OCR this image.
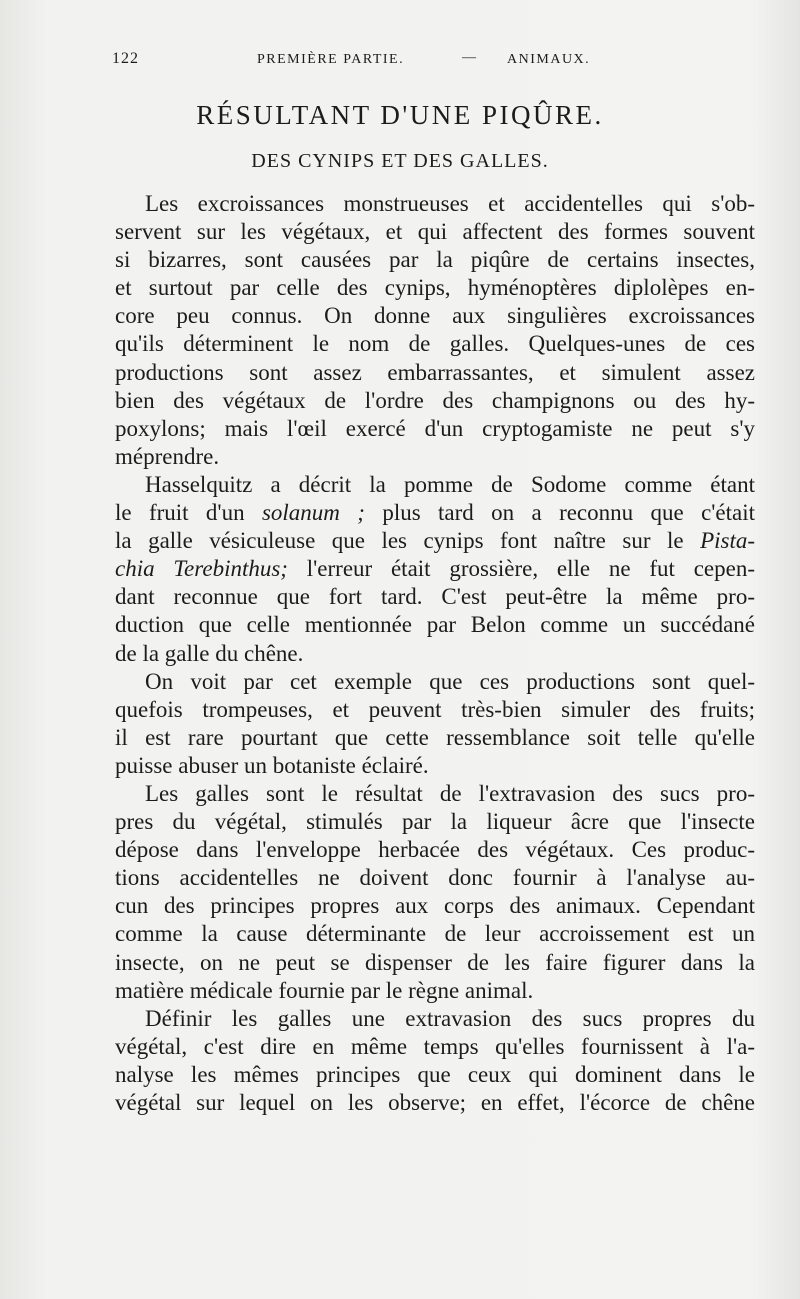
122	PREMIÈRE PARTIE.	— ANIMAUX.
RÉSULTANT D'UNE PIQÛRE.
DES CYNIPS ET DES GALLES.
Les excroissances monstrueuses et accidentelles qui s'ob-
servent sur les végétaux, et qui affectent des formes souvent
si bizarres, sont causées par la piqûre de certains insectes,
et surtout par celle des cynips, hyménoptères diplolèpes en-
core peu connus. On donne aux singulières excroissances
qu'ils déterminent le nom de galles. Quelques-unes de ces
productions sont assez embarrassantes, et simulent assez
bien des végétaux de l'ordre des champignons ou des hy-
poxylons; mais l'œil exercé d'un cryptogamiste ne peut s'y
méprendre.
Hasselquitz a décrit la pomme de Sodome comme étant
le fruit d'un solanum ; plus tard on a reconnu que c'était
la galle vésiculeuse que les cynips font naître sur le Pista-
chia Terebinthus; l'erreur était grossière, elle ne fut cepen-
dant reconnue que fort tard. C'est peut-être la même pro-
duction que celle mentionnée par Belon comme un succédané
de la galle du chêne.
On voit par cet exemple que ces productions sont quel-
quefois trompeuses, et peuvent très-bien simuler des fruits;
il est rare pourtant que cette ressemblance soit telle qu'elle
puisse abuser un botaniste éclairé.
Les galles sont le résultat de l'extravasion des sucs pro-
pres du végétal, stimulés par la liqueur âcre que l'insecte
dépose dans l'enveloppe herbacée des végétaux. Ces produc-
tions accidentelles ne doivent donc fournir à l'analyse au-
cun des principes propres aux corps des animaux. Cependant
comme la cause déterminante de leur accroissement est un
insecte, on ne peut se dispenser de les faire figurer dans la
matière médicale fournie par le règne animal.
Définir les galles une extravasion des sucs propres du
végétal, c'est dire en même temps qu'elles fournissent à l'a-
nalyse les mêmes principes que ceux qui dominent dans le
végétal sur lequel on les observe; en effet, l'écorce de chêne
